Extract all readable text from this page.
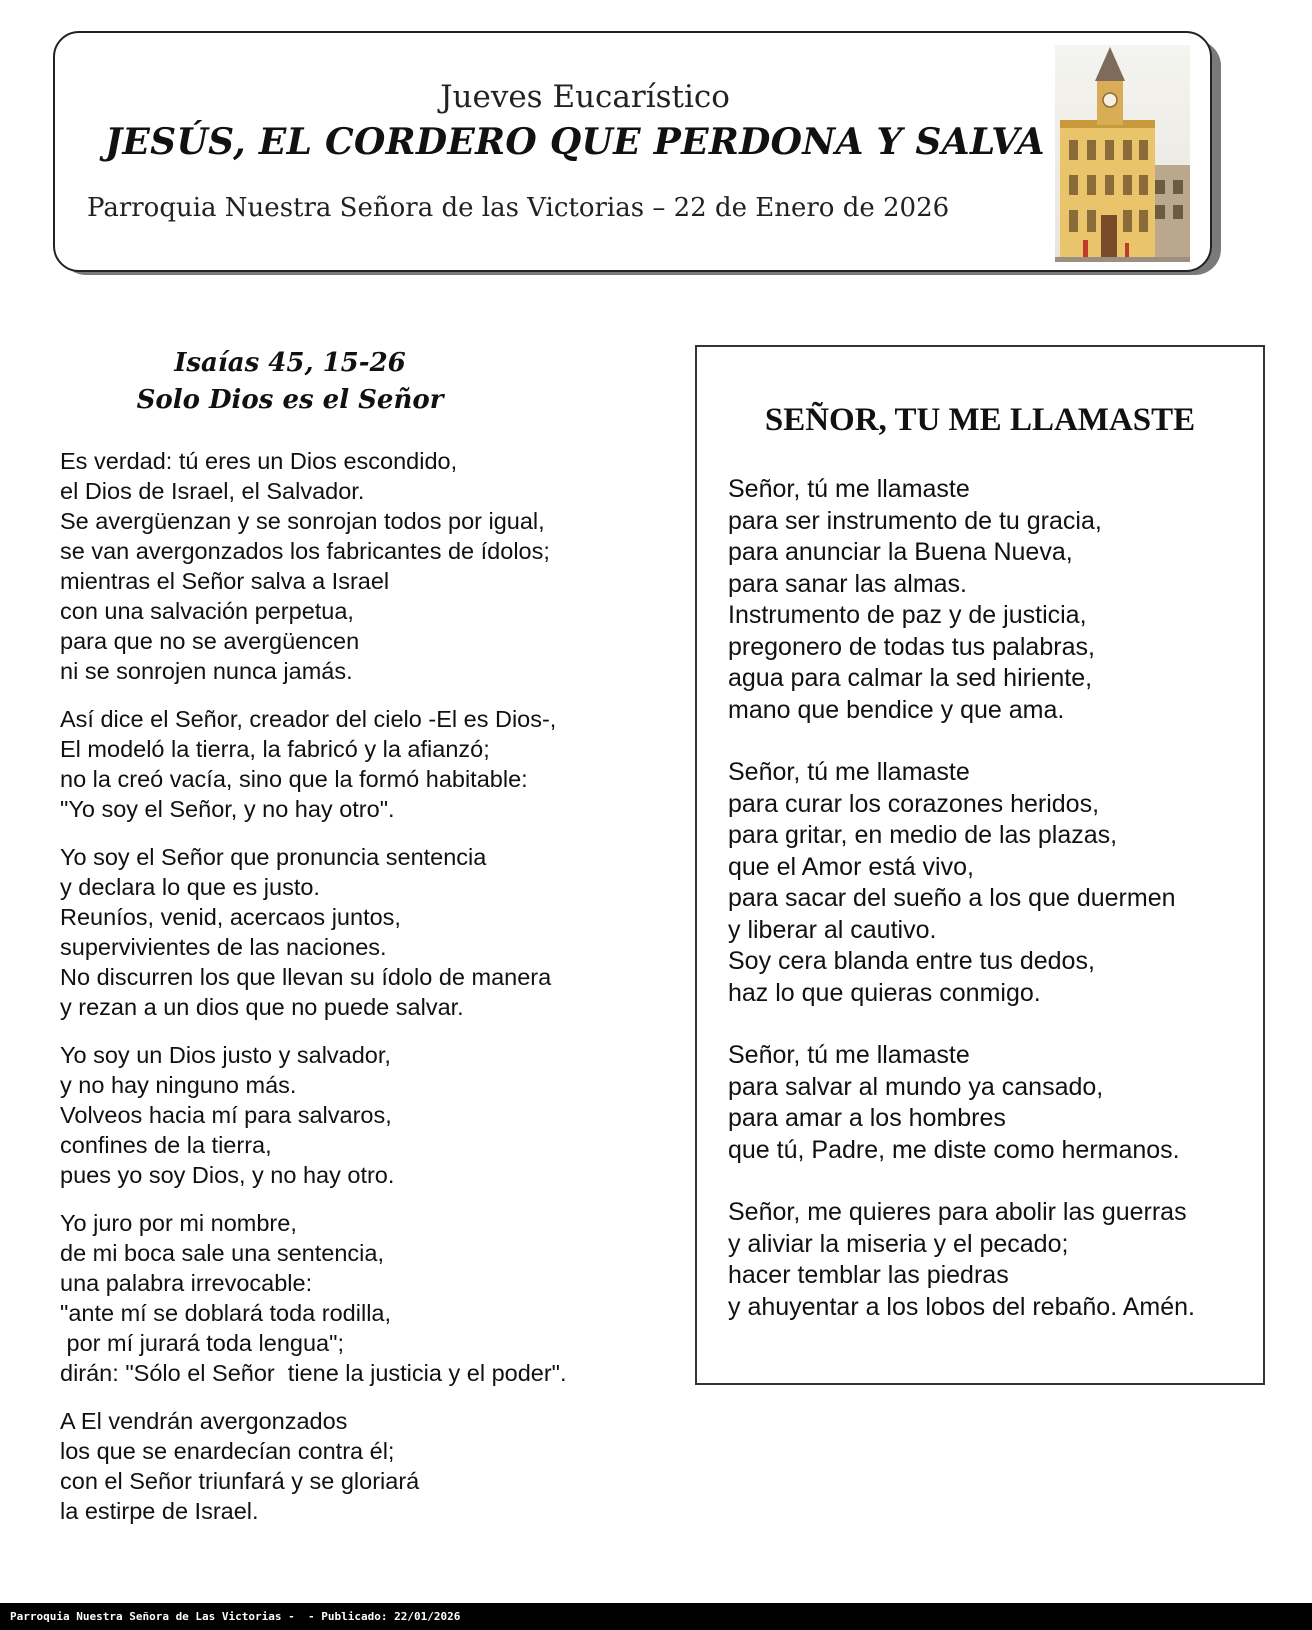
Jueves Eucarístico
JESÚS, EL CORDERO QUE PERDONA Y SALVA
Parroquia Nuestra Señora de las Victorias – 22 de Enero de 2026
Isaías 45, 15-26
Solo Dios es el Señor
Es verdad: tú eres un Dios escondido,
el Dios de Israel, el Salvador.
Se avergüenzan y se sonrojan todos por igual,
se van avergonzados los fabricantes de ídolos;
mientras el Señor salva a Israel
con una salvación perpetua,
para que no se avergüencen
ni se sonrojen nunca jamás.
Así dice el Señor, creador del cielo -El es Dios-,
El modeló la tierra, la fabricó y la afianzó;
no la creó vacía, sino que la formó habitable:
"Yo soy el Señor, y no hay otro".
Yo soy el Señor que pronuncia sentencia
y declara lo que es justo.
Reuníos, venid, acercaos juntos,
supervivientes de las naciones.
No discurren los que llevan su ídolo de manera
y rezan a un dios que no puede salvar.
Yo soy un Dios justo y salvador,
y no hay ninguno más.
Volveos hacia mí para salvaros,
confines de la tierra,
pues yo soy Dios, y no hay otro.
Yo juro por mi nombre,
de mi boca sale una sentencia,
una palabra irrevocable:
"ante mí se doblará toda rodilla,
por mí jurará toda lengua";
dirán: "Sólo el Señor  tiene la justicia y el poder".
A El vendrán avergonzados
los que se enardecían contra él;
con el Señor triunfará y se gloriará
la estirpe de Israel.
SEÑOR, TU ME LLAMASTE
Señor, tú me llamaste
para ser instrumento de tu gracia,
para anunciar la Buena Nueva,
para sanar las almas.
Instrumento de paz y de justicia,
pregonero de todas tus palabras,
agua para calmar la sed hiriente,
mano que bendice y que ama.
Señor, tú me llamaste
para curar los corazones heridos,
para gritar, en medio de las plazas,
que el Amor está vivo,
para sacar del sueño a los que duermen
y liberar al cautivo.
Soy cera blanda entre tus dedos,
haz lo que quieras conmigo.
Señor, tú me llamaste
para salvar al mundo ya cansado,
para amar a los hombres
que tú, Padre, me diste como hermanos.
Señor, me quieres para abolir las guerras
y aliviar la miseria y el pecado;
hacer temblar las piedras
y ahuyentar a los lobos del rebaño. Amén.
Parroquia Nuestra Señora de Las Victorias -  - Publicado: 22/01/2026
